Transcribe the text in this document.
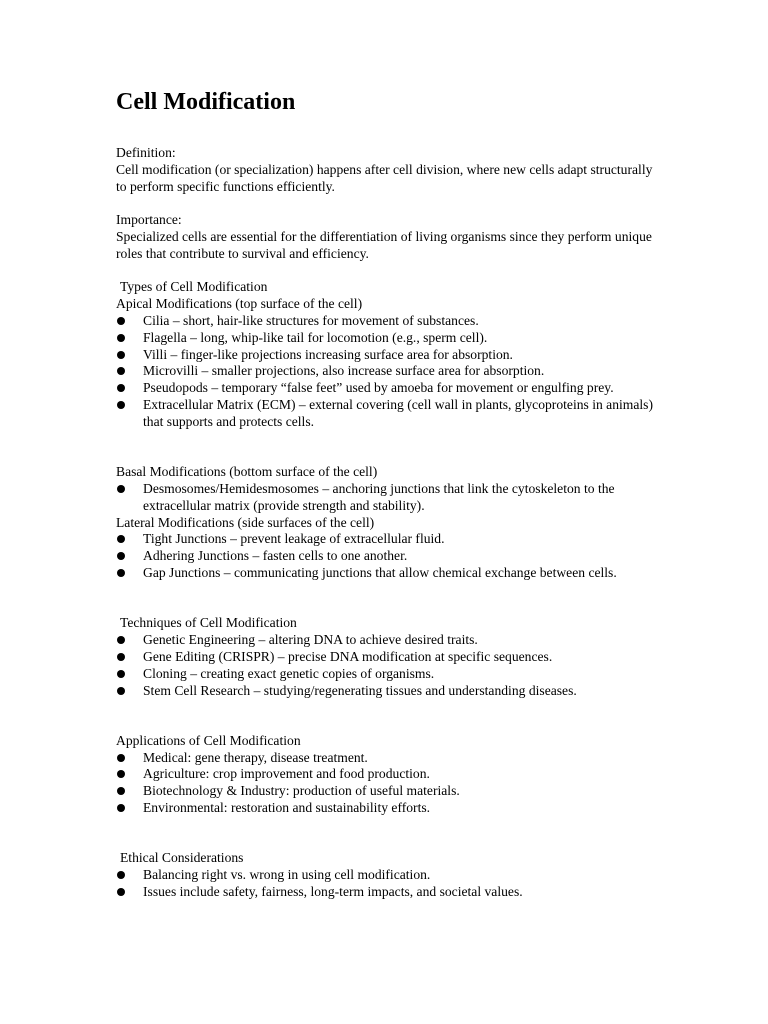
Cell Modification

Definition:

Cell modification (or specialization) happens after cell division, where new cells adapt structurally to perform specific functions efficiently.

Importance:

Specialized cells are essential for the differentiation of living organisms since they perform unique roles that contribute to survival and efficiency.

Types of Cell Modification

Apical Modifications (top surface of the cell)

Cilia – short, hair-like structures for movement of substances.
Flagella – long, whip-like tail for locomotion (e.g., sperm cell).
Villi – finger-like projections increasing surface area for absorption.
Microvilli – smaller projections, also increase surface area for absorption.
Pseudopods – temporary “false feet” used by amoeba for movement or engulfing prey.
Extracellular Matrix (ECM) – external covering (cell wall in plants, glycoproteins in animals) that supports and protects cells.

Basal Modifications (bottom surface of the cell)

Desmosomes/Hemidesmosomes – anchoring junctions that link the cytoskeleton to the extracellular matrix (provide strength and stability).

Lateral Modifications (side surfaces of the cell)

Tight Junctions – prevent leakage of extracellular fluid.
Adhering Junctions – fasten cells to one another.
Gap Junctions – communicating junctions that allow chemical exchange between cells.

Techniques of Cell Modification

Genetic Engineering – altering DNA to achieve desired traits.
Gene Editing (CRISPR) – precise DNA modification at specific sequences.
Cloning – creating exact genetic copies of organisms.
Stem Cell Research – studying/regenerating tissues and understanding diseases.

Applications of Cell Modification

Medical: gene therapy, disease treatment.
Agriculture: crop improvement and food production.
Biotechnology & Industry: production of useful materials.
Environmental: restoration and sustainability efforts.

Ethical Considerations

Balancing right vs. wrong in using cell modification.
Issues include safety, fairness, long-term impacts, and societal values.
